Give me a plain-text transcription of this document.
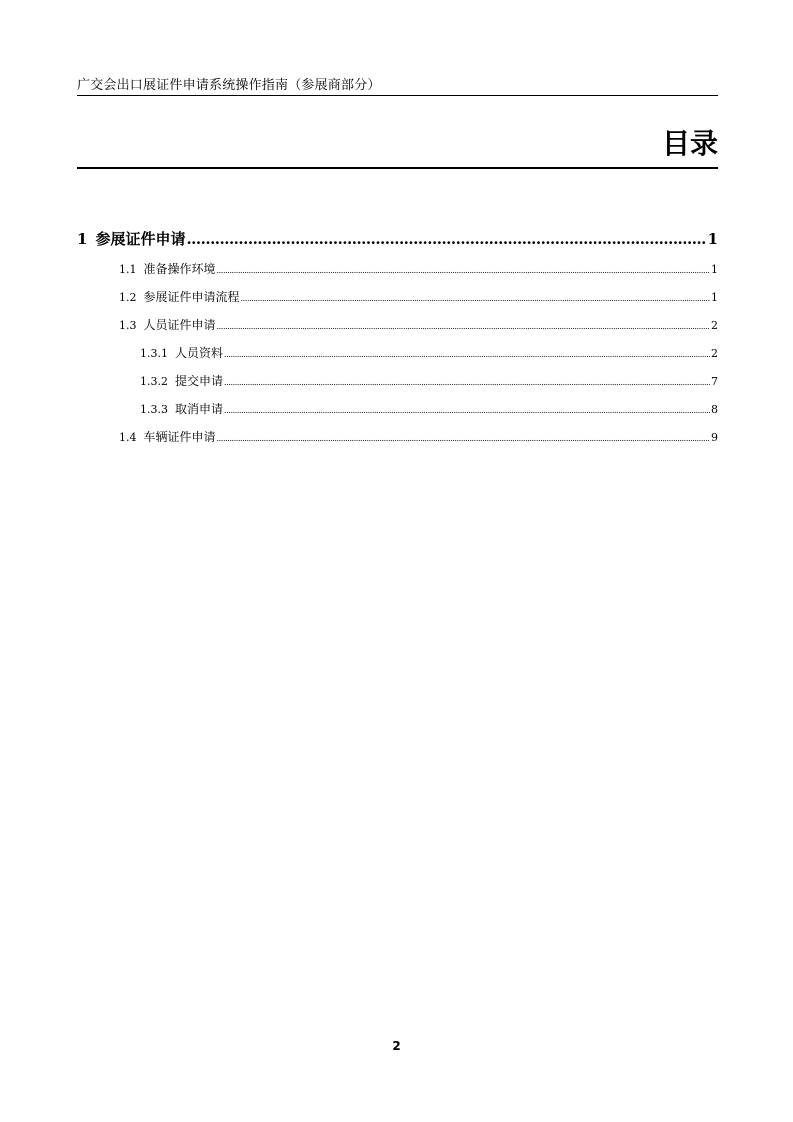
广交会出口展证件申请系统操作指南（参展商部分）
目录
1 参展证件申请 .....	1
1.1 准备操作环境 .....	1
1.2 参展证件申请流程 .....	1
1.3 人员证件申请 .....	2
1.3.1 人员资料 .....	2
1.3.2 提交申请 .....	7
1.3.3 取消申请 .....	8
1.4 车辆证件申请 .....	9
2
